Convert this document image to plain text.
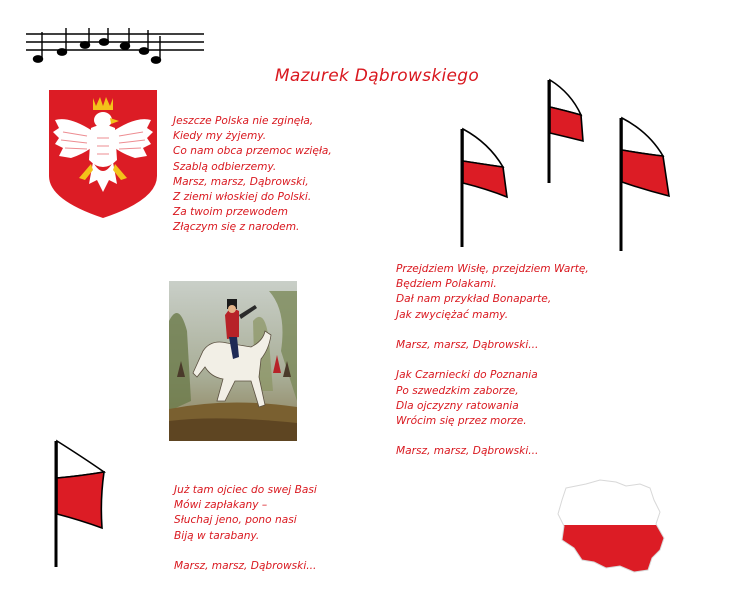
Mazurek Dąbrowskiego
Jeszcze Polska nie zginęła,
Kiedy my żyjemy.
Co nam obca przemoc wzięła,
Szablą odbierzemy.
Marsz, marsz, Dąbrowski,
Z ziemi włoskiej do Polski.
Za twoim przewodem
Złączym się z narodem.
Przejdziem Wisłę, przejdziem Wartę,
Będziem Polakami.
Dał nam przykład Bonaparte,
Jak zwyciężać mamy.
Marsz, marsz, Dąbrowski...
Jak Czarniecki do Poznania
Po szwedzkim zaborze,
Dla ojczyzny ratowania
Wrócim się przez morze.
Marsz, marsz, Dąbrowski...
Już tam ojciec do swej Basi
Mówi zapłakany –
Słuchaj jeno, pono nasi
Biją w tarabany.
Marsz, marsz, Dąbrowski...
